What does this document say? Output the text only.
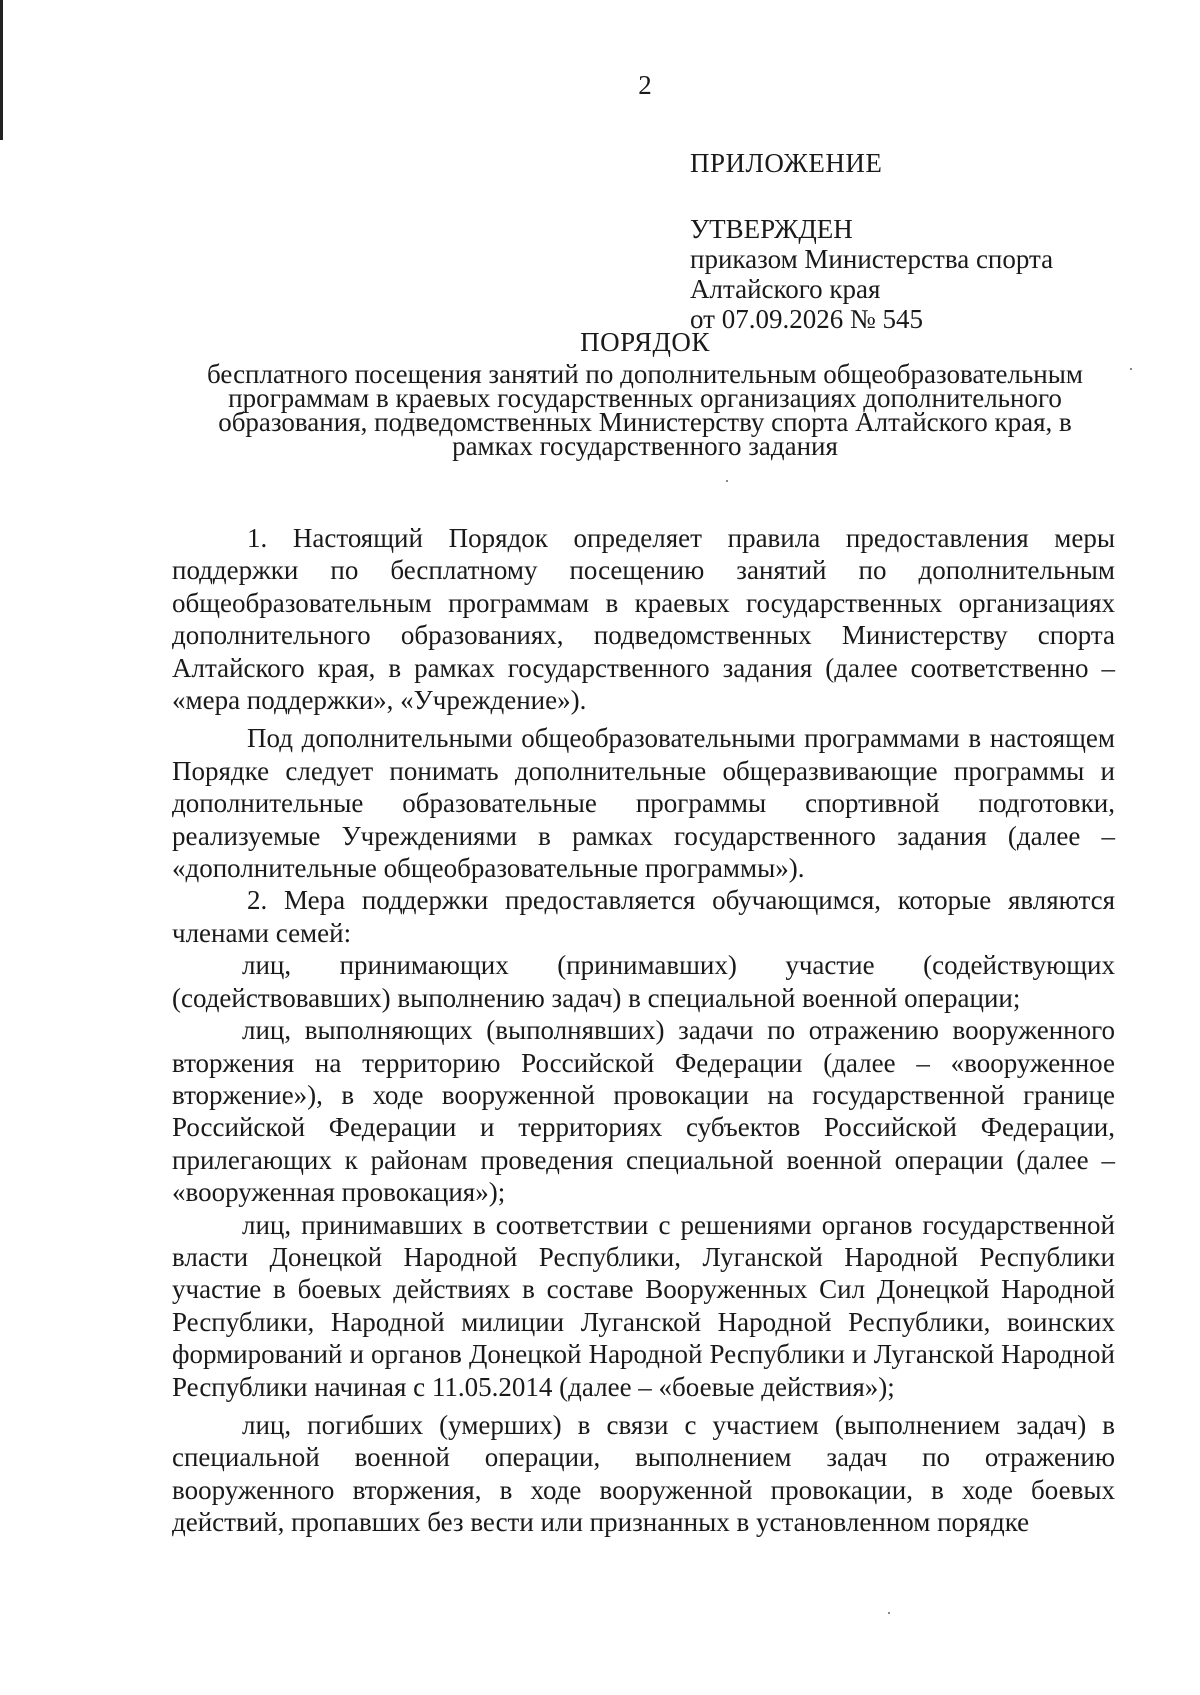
2
ПРИЛОЖЕНИЕ
УТВЕРЖДЕН
приказом Министерства спорта
Алтайского края
от 07.09.2026 № 545
ПОРЯДОК
бесплатного посещения занятий по дополнительным общеобразовательным
программам в краевых государственных организациях дополнительного
образования, подведомственных Министерству спорта Алтайского края, в
рамках государственного задания

1. Настоящий Порядок определяет правила предоставления меры поддержки по бесплатному посещению занятий по дополнительным общеобразовательным программам в краевых государственных организациях дополнительного образованиях, подведомственных Министерству спорта Алтайского края, в рамках государственного задания (далее соответственно – «мера поддержки», «Учреждение»).

Под дополнительными общеобразовательными программами в настоящем Порядке следует понимать дополнительные общеразвивающие программы и дополнительные образовательные программы спортивной подготовки, реализуемые Учреждениями в рамках государственного задания (далее – «дополнительные общеобразовательные программы»).

2. Мера поддержки предоставляется обучающимся, которые являются членами семей:

лиц, принимающих (принимавших) участие (содействующих (содействовавших) выполнению задач) в специальной военной операции;

лиц, выполняющих (выполнявших) задачи по отражению вооруженного вторжения на территорию Российской Федерации (далее – «вооруженное вторжение»), в ходе вооруженной провокации на государственной границе Российской Федерации и территориях субъектов Российской Федерации, прилегающих к районам проведения специальной военной операции (далее – «вооруженная провокация»);

лиц, принимавших в соответствии с решениями органов государственной власти Донецкой Народной Республики, Луганской Народной Республики участие в боевых действиях в составе Вооруженных Сил Донецкой Народной Республики, Народной милиции Луганской Народной Республики, воинских формирований и органов Донецкой Народной Республики и Луганской Народной Республики начиная с 11.05.2014 (далее – «боевые действия»);

лиц, погибших (умерших) в связи с участием (выполнением задач) в специальной военной операции, выполнением задач по отражению вооруженного вторжения, в ходе вооруженной провокации, в ходе боевых действий, пропавших без вести или признанных в установленном порядке
